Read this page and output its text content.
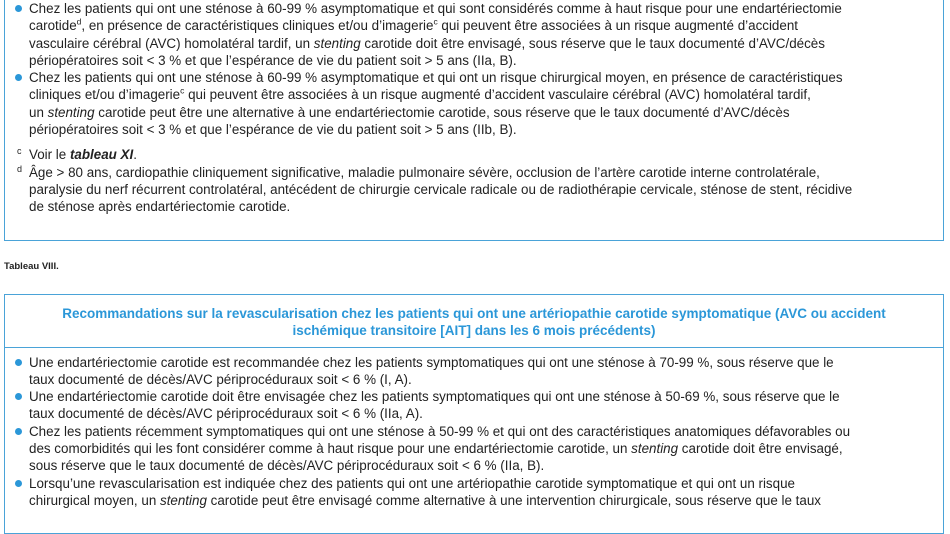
Chez les patients qui ont une sténose à 60-99 % asymptomatique et qui sont considérés comme à haut risque pour une endartériectomie
carotide$^d$, en présence de caractéristiques cliniques et/ou d’imagerie$^c$ qui peuvent être associées à un risque augmenté d’accident
vasculaire cérébral (AVC) homolatéral tardif, un stenting carotide doit être envisagé, sous réserve que le taux documenté d’AVC/décès
périopératoires soit < 3 % et que l’espérance de vie du patient soit > 5 ans (IIa, B).
Chez les patients qui ont une sténose à 60-99 % asymptomatique et qui ont un risque chirurgical moyen, en présence de caractéristiques
cliniques et/ou d’imagerie$^c$ qui peuvent être associées à un risque augmenté d’accident vasculaire cérébral (AVC) homolatéral tardif,
un stenting carotide peut être une alternative à une endartériectomie carotide, sous réserve que le taux documenté d’AVC/décès
périopératoires soit < 3 % et que l’espérance de vie du patient soit > 5 ans (IIb, B).
c Voir le tableau XI.
d Âge > 80 ans, cardiopathie cliniquement significative, maladie pulmonaire sévère, occlusion de l’artère carotide interne controlatérale,
paralysie du nerf récurrent controlatéral, antécédent de chirurgie cervicale radicale ou de radiothérapie cervicale, sténose de stent, récidive
de sténose après endartériectomie carotide.
Tableau VIII.
Recommandations sur la revascularisation chez les patients qui ont une artériopathie carotide symptomatique (AVC ou accident
ischémique transitoire [AIT] dans les 6 mois précédents)
Une endartériectomie carotide est recommandée chez les patients symptomatiques qui ont une sténose à 70-99 %, sous réserve que le
taux documenté de décès/AVC périprocéduraux soit < 6 % (I, A).
Une endartériectomie carotide doit être envisagée chez les patients symptomatiques qui ont une sténose à 50-69 %, sous réserve que le
taux documenté de décès/AVC périprocéduraux soit < 6 % (IIa, A).
Chez les patients récemment symptomatiques qui ont une sténose à 50-99 % et qui ont des caractéristiques anatomiques défavorables ou
des comorbidités qui les font considérer comme à haut risque pour une endartériectomie carotide, un stenting carotide doit être envisagé,
sous réserve que le taux documenté de décès/AVC périprocéduraux soit < 6 % (IIa, B).
Lorsqu’une revascularisation est indiquée chez des patients qui ont une artériopathie carotide symptomatique et qui ont un risque
chirurgical moyen, un stenting carotide peut être envisagé comme alternative à une intervention chirurgicale, sous réserve que le taux
